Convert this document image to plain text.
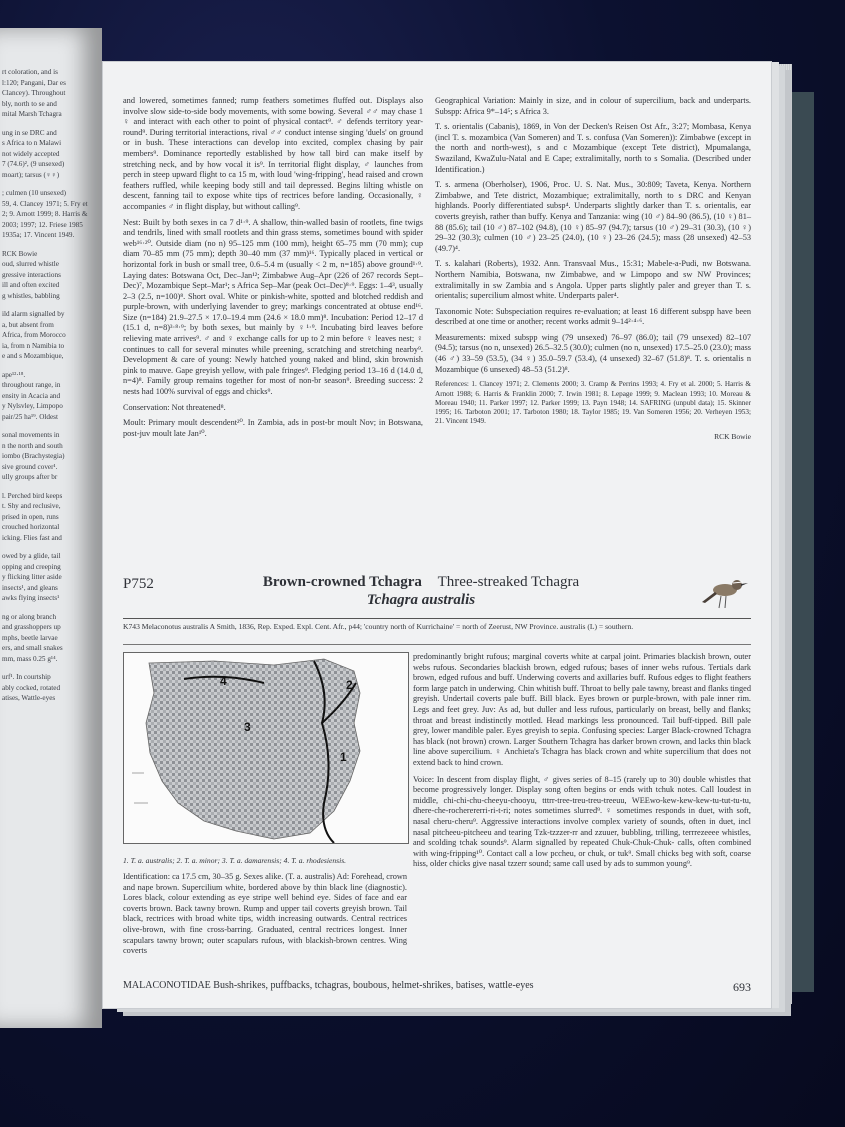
rt coloration, and is
l:120; Pangani, Dar es
Clancey). Throughout
bly, north to se and
mital Marsh Tchagra
ung in se DRC and
s Africa to n Malawi
not widely accepted
7 (74.6)², (9 unsexed)
moart); tarsus (♀♀)
; culmen (10 unsexed)
59, 4. Clancey 1971; 5. Fry et
2; 9. Arnott 1999; 8. Harris &
2003; 1997; 12. Friese 1985
1935a; 17. Vincent 1949.
RCK Bowie
oud, slurred whistle
gressive interactions
ill and often excited
g whistles, babbling
ild alarm signalled by
a, but absent from
Africa, from Morocco
ia, from n Namibia to
e and s Mozambique,
ape¹²·¹⁸.
throughout range, in
ensity in Acacia and
y Nylsvley, Limpopo
pair/25 ha¹⁹. Oldest
sonal movements in
n the north and south
iombo (Brachystegia)
sive ground cover¹.
ully groups after br
l. Perched bird keeps
t. Shy and reclusive,
prised in open, runs
crouched horizontal
icking. Flies fast and
owed by a glide, tail
opping and creeping
y flicking litter aside
insects¹, and gleans
awks flying insects¹
ng or along branch
and grasshoppers up
mphs, beetle larvae
ers, and small snakes
mm, mass 0.25 g¹⁴.
urf¹. In courtship
ably cocked, rotated
atises, Wattle-eyes

and lowered, sometimes fanned; rump feathers sometimes fluffed out. Displays also involve slow side-to-side body movements, with some bowing. Several ♂♂ may chase 1 ♀ and interact with each other to point of physical contact⁹. ♂ defends territory year-round⁹. During territorial interactions, rival ♂♂ conduct intense singing 'duels' on ground or in bush. These interactions can develop into excited, complex chasing by pair members⁹. Dominance reportedly established by how tall bird can make itself by stretching neck, and by how vocal it is⁹. In territorial flight display, ♂ launches from perch in steep upward flight to ca 15 m, with loud 'wing-fripping', head raised and crown feathers ruffled, while keeping body still and tail depressed. Begins lilting whistle on descent, fanning tail to expose white tips of rectrices before landing. Occasionally, ♀ accompanies ♂ in flight display, but without calling⁹.

Nest: Built by both sexes in ca 7 d¹·⁹. A shallow, thin-walled basin of rootlets, fine twigs and tendrils, lined with small rootlets and thin grass stems, sometimes bound with spider web¹⁶·²⁰. Outside diam (no n) 95–125 mm (100 mm), height 65–75 mm (70 mm); cup diam 70–85 mm (75 mm); depth 30–40 mm (37 mm)¹⁶. Typically placed in vertical or horizontal fork in bush or small tree, 0.6–5.4 m (usually < 2 m, n=185) above ground¹·⁹. Laying dates: Botswana Oct, Dec–Jan¹²; Zimbabwe Aug–Apr (226 of 267 records Sept–Dec)⁷, Mozambique Sept–Mar¹; s Africa Sep–Mar (peak Oct–Dec)⁸·⁹. Eggs: 1–4³, usually 2–3 (2.5, n=100)⁸. Short oval. White or pinkish-white, spotted and blotched reddish and purple-brown, with underlying lavender to grey; markings concentrated at obtuse end¹⁶. Size (n=184) 21.9–27.5 × 17.0–19.4 mm (24.6 × 18.0 mm)⁸. Incubation: Period 12–17 d (15.1 d, n=8)³·⁸·⁹; by both sexes, but mainly by ♀¹·⁹. Incubating bird leaves before relieving mate arrives⁹. ♂ and ♀ exchange calls for up to 2 min before ♀ leaves nest; ♀ continues to call for several minutes while preening, scratching and stretching nearby⁹. Development & care of young: Newly hatched young naked and blind, skin brownish pink to mauve. Gape greyish yellow, with pale fringes⁹. Fledging period 13–16 d (14.0 d, n=4)⁸. Family group remains together for most of non-br season⁹. Breeding success: 2 nests had 100% survival of eggs and chicks⁹.

Conservation: Not threatened⁸.

Moult: Primary moult descendent²⁰. In Zambia, ads in post-br moult Nov; in Botswana, post-juv moult late Jan¹⁰.

Geographical Variation: Mainly in size, and in colour of supercilium, back and underparts. Subspp: Africa 9*–14⁵; s Africa 3.

T. s. orientalis (Cabanis), 1869, in Von der Decken's Reisen Ost Afr., 3:27; Mombasa, Kenya (incl T. s. mozambica (Van Someren) and T. s. confusa (Van Someren)): Zimbabwe (except in the north and north-west), s and c Mozambique (except Tete district), Mpumalanga, Swaziland, KwaZulu-Natal and E Cape; extralimitally, north to s Somalia. (Described under Identification.)

T. s. armena (Oberholser), 1906, Proc. U. S. Nat. Mus., 30:809; Taveta, Kenya. Northern Zimbabwe, and Tete district, Mozambique; extralimitally, north to s DRC and Kenyan highlands. Poorly differentiated subsp⁴. Underparts slightly darker than T. s. orientalis, ear coverts greyish, rather than buffy. Kenya and Tanzania: wing (10 ♂) 84–90 (86.5), (10 ♀) 81–88 (85.6); tail (10 ♂) 87–102 (94.8), (10 ♀) 85–97 (94.7); tarsus (10 ♂) 29–31 (30.3), (10 ♀) 29–32 (30.3); culmen (10 ♂) 23–25 (24.0), (10 ♀) 23–26 (24.5); mass (28 unsexed) 42–53 (49.7)⁴.

T. s. kalahari (Roberts), 1932. Ann. Transvaal Mus., 15:31; Mabele-a-Pudi, nw Botswana. Northern Namibia, Botswana, nw Zimbabwe, and w Limpopo and sw NW Provinces; extralimitally in sw Zambia and s Angola. Upper parts slightly paler and greyer than T. s. orientalis; supercilium almost white. Underparts paler⁴.

Taxonomic Note: Subspeciation requires re-evaluation; at least 16 different subspp have been described at one time or another; recent works admit 9–14²·⁴·⁶.

Measurements: mixed subspp wing (79 unsexed) 76–97 (86.0); tail (79 unsexed) 82–107 (94.5); tarsus (no n, unsexed) 26.5–32.5 (30.0); culmen (no n, unsexed) 17.5–25.0 (23.0); mass (46 ♂) 33–59 (53.5), (34 ♀) 35.0–59.7 (53.4), (4 unsexed) 32–67 (51.8)⁸. T. s. orientalis n Mozambique (6 unsexed) 48–53 (51.2)⁸.

References: 1. Clancey 1971; 2. Clements 2000; 3. Cramp & Perrins 1993; 4. Fry et al. 2000; 5. Harris & Arnott 1988; 6. Harris & Franklin 2000; 7. Irwin 1981; 8. Lepage 1999; 9. Maclean 1993; 10. Moreau & Moreau 1940; 11. Parker 1997; 12. Parker 1999; 13. Payn 1948; 14. SAFRING (unpubl data); 15. Skinner 1995; 16. Tarboton 2001; 17. Tarboton 1980; 18. Taylor 1985; 19. Van Someren 1956; 20. Verheyen 1953; 21. Vincent 1949.

RCK Bowie
P752	Brown-crowned Tchagra Three-streaked Tchagra
Tchagra australis
K743 Melaconotus australis A Smith, 1836, Rep. Exped. Expl. Cent. Afr., p44; 'country north of Kurrichaine' = north of Zeerust, NW Province. australis (L) = southern.
4	2
3
1
1. T. a. australis; 2. T. a. minor; 3. T. a. damarensis; 4. T. a. rhodesiensis.

Identification: ca 17.5 cm, 30–35 g. Sexes alike. (T. a. australis) Ad: Forehead, crown and nape brown. Supercilium white, bordered above by thin black line (diagnostic). Lores black, colour extending as eye stripe well behind eye. Sides of face and ear coverts brown. Back tawny brown. Rump and upper tail coverts greyish brown. Tail black, rectrices with broad white tips, width increasing outwards. Central rectrices olive-brown, with fine cross-barring. Graduated, central rectrices longest. Inner scapulars tawny brown; outer scapulars rufous, with blackish-brown centres. Wing coverts

predominantly bright rufous; marginal coverts white at carpal joint. Primaries blackish brown, outer webs rufous. Secondaries blackish brown, edged rufous; bases of inner webs rufous. Tertials dark brown, edged rufous and buff. Underwing coverts and axillaries buff. Rufous edges to flight feathers form large patch in underwing. Chin whitish buff. Throat to belly pale tawny, breast and flanks tinged greyish. Undertail coverts pale buff. Bill black. Eyes brown or purple-brown, with pale inner rim. Legs and feet grey. Juv: As ad, but duller and less rufous, particularly on breast, belly and flanks; throat and breast indistinctly mottled. Head markings less pronounced. Tail buff-tipped. Bill pale grey, lower mandible paler. Eyes greyish to sepia. Confusing species: Larger Black-crowned Tchagra has black (not brown) crown. Larger Southern Tchagra has darker brown crown, and lacks thin black line above supercilium. ♀ Anchieta's Tchagra has black crown and white supercilium that does not extend back to hind crown.

Voice: In descent from display flight, ♂ gives series of 8–15 (rarely up to 30) double whistles that become progressively longer. Display song often begins or ends with tchuk notes. Call loudest in middle, chi-chi-chu-cheeyu-chooyu, tttrr-tree-treu-treu-treeuu, WEEwo-kew-kew-kew-tu-tut-tu-tu, dhere-che-rocherererri-ri-t-ri; notes sometimes slurred⁹. ♀ sometimes responds in duet, with soft, nasal cheru-cheru⁹. Aggressive interactions involve complex variety of sounds, often in duet, incl nasal pitcheeu-pitcheeu and tearing Tzk-tzzzer-rr and zzuuer, bubbling, trilling, terrrezeeee whistles, and scolding tchak sounds⁹. Alarm signalled by repeated Chuk-Chuk-Chuk- calls, often combined with wing-fripping¹⁰. Contact call a low pccheu, or chuk, or tuk⁹. Small chicks beg with soft, coarse hiss, older chicks give nasal tzzerr sound; same call used by ads to summon young⁹.

MALACONOTIDAE Bush-shrikes, puffbacks, tchagras, boubous, helmet-shrikes, batises, wattle-eyes	693
